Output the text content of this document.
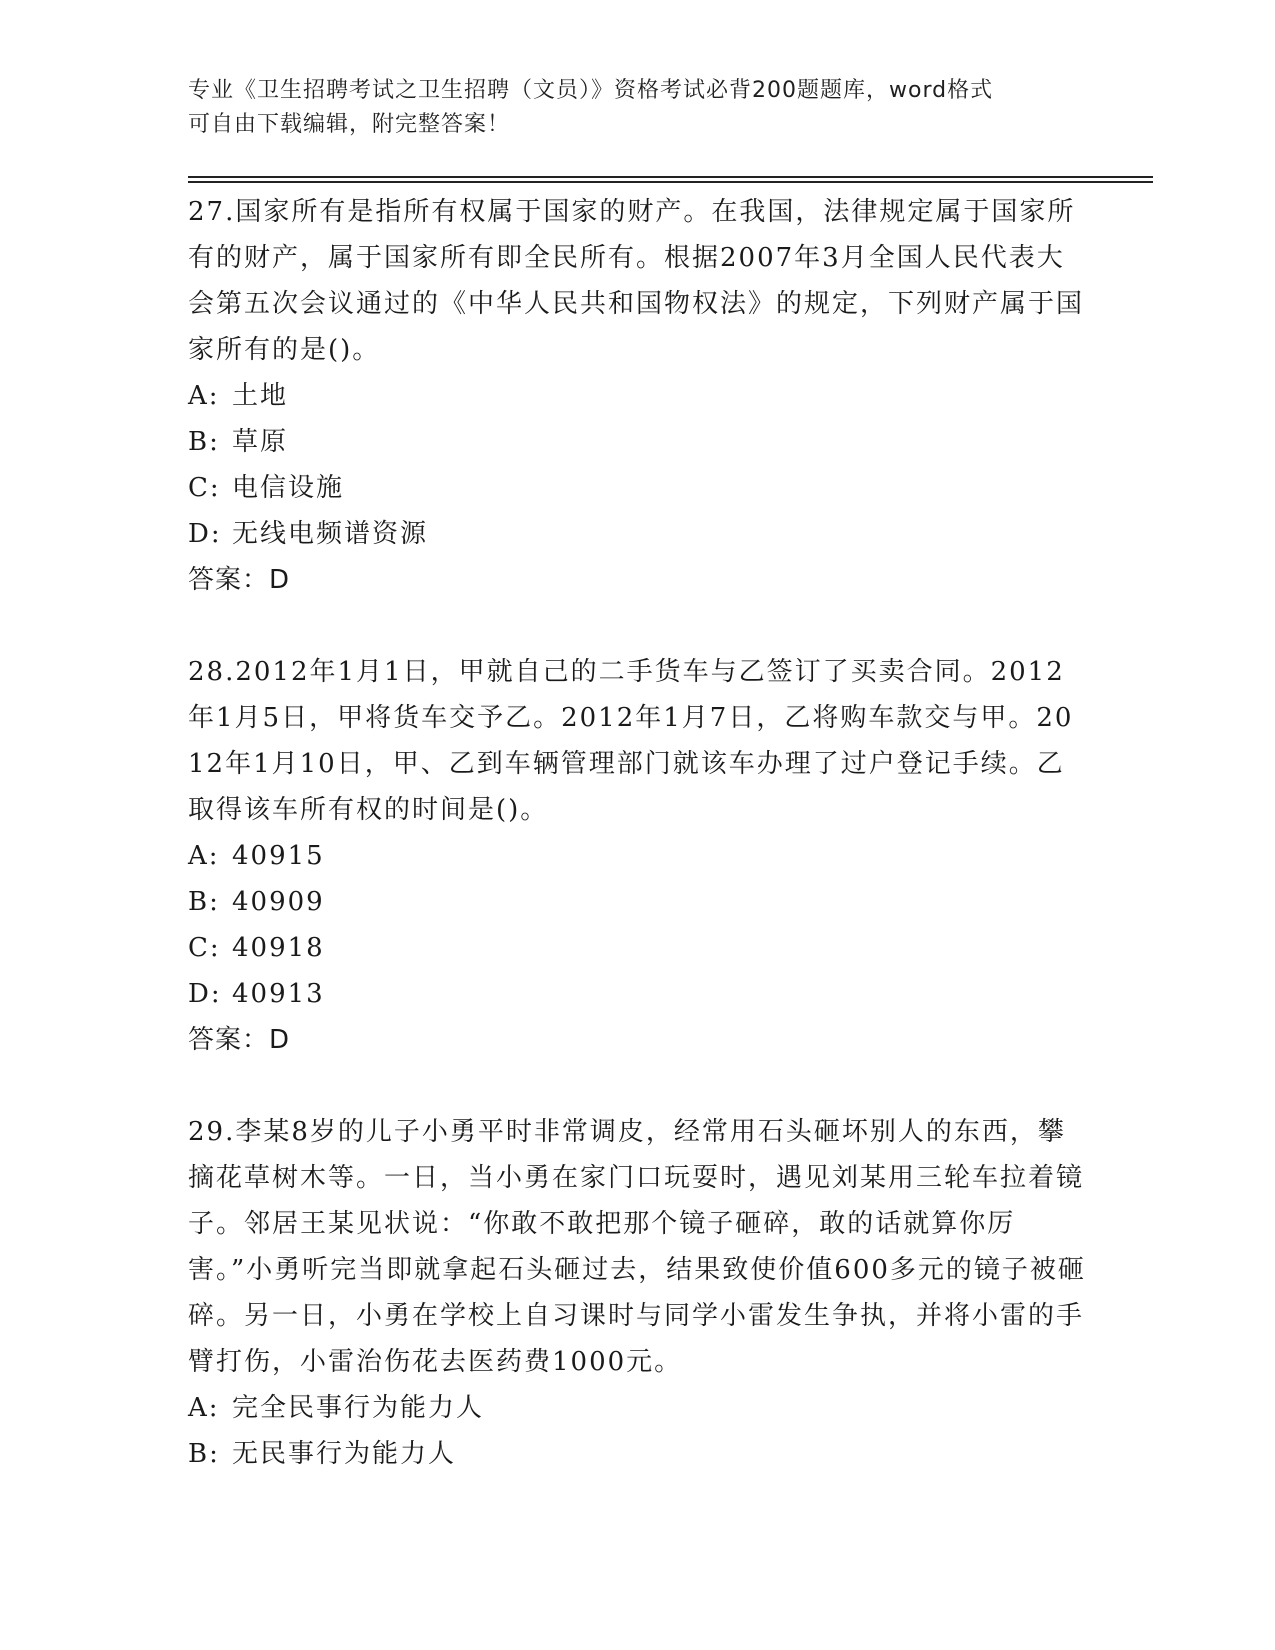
专业《卫生招聘考试之卫生招聘（文员）》资格考试必背200题题库，word格式
可自由下载编辑，附完整答案！
27.国家所有是指所有权属于国家的财产。在我国，法律规定属于国家所有的财产，属于国家所有即全民所有。根据2007年3月全国人民代表大会第五次会议通过的《中华人民共和国物权法》的规定，下列财产属于国家所有的是()。
A: 土地
B: 草原
C: 电信设施
D: 无线电频谱资源
答案：D
28.2012年1月1日，甲就自己的二手货车与乙签订了买卖合同。2012年1月5日，甲将货车交予乙。2012年1月7日，乙将购车款交与甲。2012年1月10日，甲、乙到车辆管理部门就该车办理了过户登记手续。乙取得该车所有权的时间是()。
A: 40915
B: 40909
C: 40918
D: 40913
答案：D
29.李某8岁的儿子小勇平时非常调皮，经常用石头砸坏别人的东西，攀摘花草树木等。一日，当小勇在家门口玩耍时，遇见刘某用三轮车拉着镜子。邻居王某见状说：“你敢不敢把那个镜子砸碎，敢的话就算你厉害。”小勇听完当即就拿起石头砸过去，结果致使价值600多元的镜子被砸碎。另一日，小勇在学校上自习课时与同学小雷发生争执，并将小雷的手臂打伤，小雷治伤花去医药费1000元。
A: 完全民事行为能力人
B: 无民事行为能力人
